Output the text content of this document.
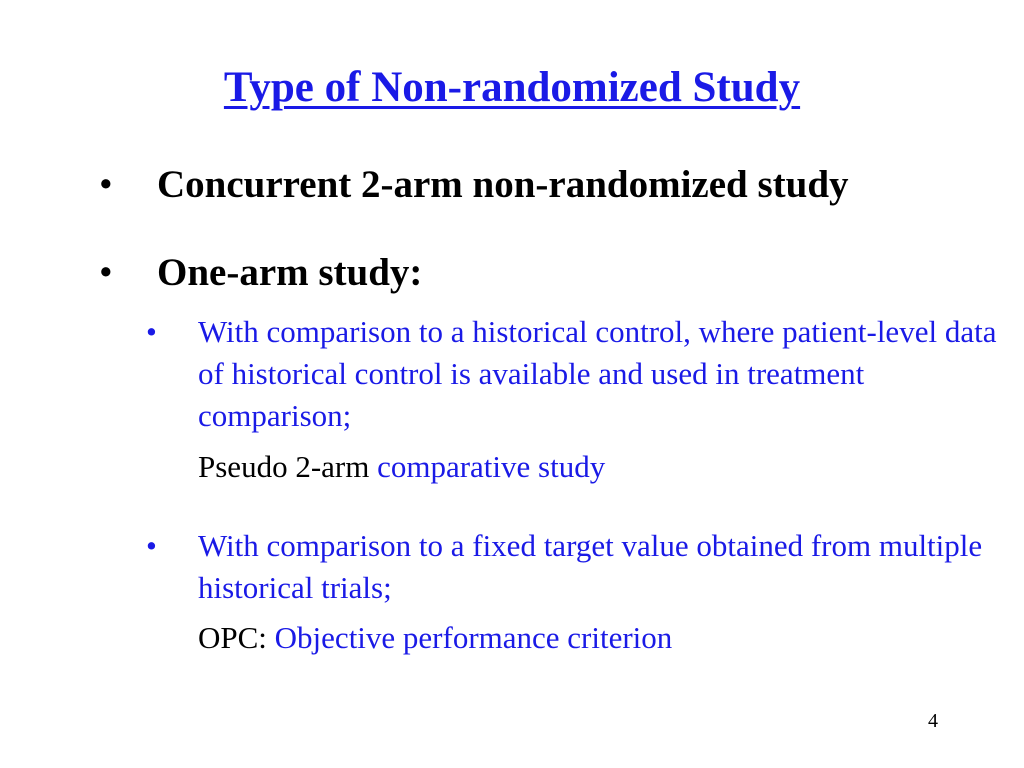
Type of Non-randomized Study
• Concurrent 2-arm non-randomized study
• One-arm study:
• With comparison to a historical control, where patient-level data of historical control is available and used in treatment comparison;
Pseudo 2-arm comparative study
• With comparison to a fixed target value obtained from multiple historical trials;
OPC: Objective performance criterion
4
